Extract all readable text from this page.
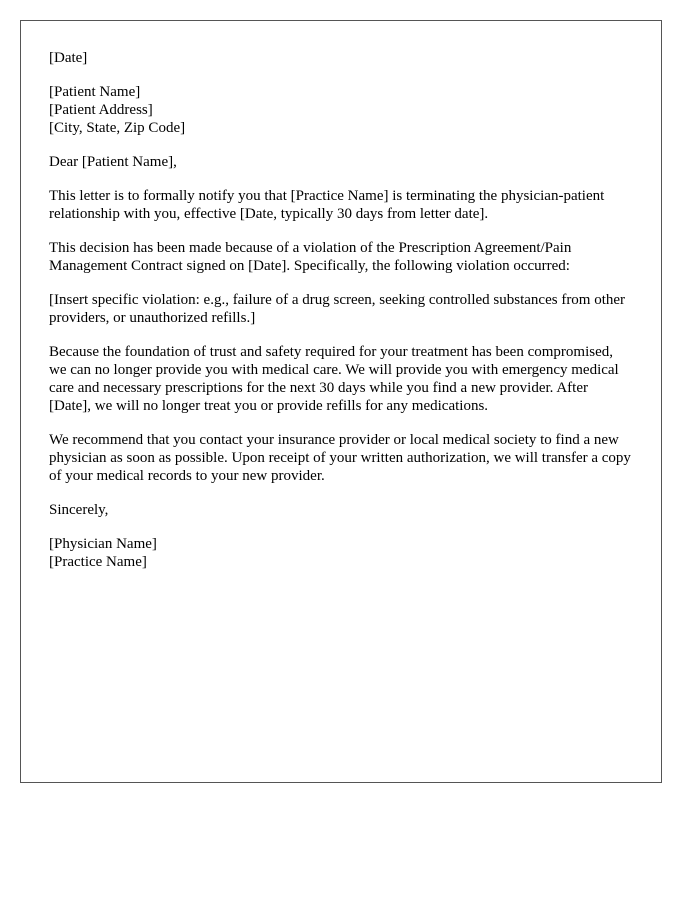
[Date]

[Patient Name]
[Patient Address]
[City, State, Zip Code]

Dear [Patient Name],

This letter is to formally notify you that [Practice Name] is terminating the physician-patient relationship with you, effective [Date, typically 30 days from letter date].

This decision has been made because of a violation of the Prescription Agreement/Pain Management Contract signed on [Date]. Specifically, the following violation occurred:

[Insert specific violation: e.g., failure of a drug screen, seeking controlled substances from other providers, or unauthorized refills.]

Because the foundation of trust and safety required for your treatment has been compromised, we can no longer provide you with medical care. We will provide you with emergency medical care and necessary prescriptions for the next 30 days while you find a new provider. After [Date], we will no longer treat you or provide refills for any medications.

We recommend that you contact your insurance provider or local medical society to find a new physician as soon as possible. Upon receipt of your written authorization, we will transfer a copy of your medical records to your new provider.

Sincerely,

[Physician Name]
[Practice Name]
